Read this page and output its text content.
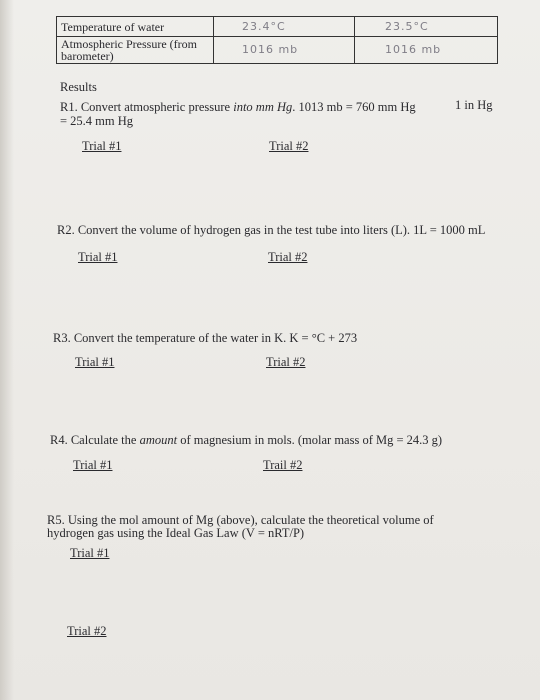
Temperature of water	23.4°C	23.5°C
Atmospheric Pressure (from barometer)	1016 mb	1016 mb
Results
R1. Convert atmospheric pressure into mm Hg. 1013 mb = 760 mm Hg	1 in Hg
= 25.4 mm Hg
Trial #1	Trial #2
R2. Convert the volume of hydrogen gas in the test tube into liters (L). 1L = 1000 mL
Trial #1	Trial #2
R3. Convert the temperature of the water in K. K = °C + 273
Trial #1	Trial #2
R4. Calculate the amount of magnesium in mols. (molar mass of Mg = 24.3 g)
Trial #1	Trail #2
R5. Using the mol amount of Mg (above), calculate the theoretical volume of
hydrogen gas using the Ideal Gas Law (V = nRT/P)
Trial #1
Trial #2
